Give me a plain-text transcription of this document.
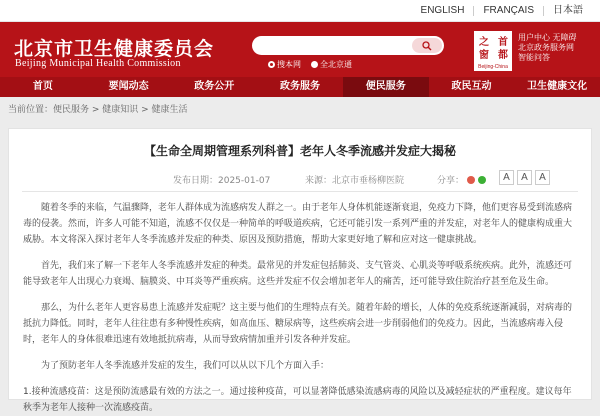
ENGLISH	FRANÇAIS	日本語
北京市卫生健康委员会
Beijing Municipal Health Commission	搜本网 全北京通
首
都
之
窗
Beijing-China
用户中心 无障碍
北京政务服务网
智能问答
首页	要闻动态	政务公开	政务服务	便民服务	政民互动	卫生健康文化
当前位置：便民服务 > 健康知识 > 健康生活
【生命全周期管理系列科普】老年人冬季流感并发症大揭秘
发布日期：2025-01-07	来源：北京市垂杨柳医院	分享：	A	A	A

随着冬季的来临，气温骤降，老年人群体成为流感病发人群之一。由于老年人身体机能逐渐衰退，免疫力下降，他们更容易受到流感病毒的侵袭。然而，许多人可能不知道，流感不仅仅是一种简单的呼吸道疾病，它还可能引发一系列严重的并发症，对老年人的健康构成重大威胁。本文将深入探讨老年人冬季流感并发症的种类、原因及预防措施，帮助大家更好地了解和应对这一健康挑战。

首先，我们来了解一下老年人冬季流感并发症的种类。最常见的并发症包括肺炎、支气管炎、心肌炎等呼吸系统疾病。此外，流感还可能导致老年人出现心力衰竭、脑膜炎、中耳炎等严重疾病。这些并发症不仅会增加老年人的痛苦，还可能导致住院治疗甚至危及生命。

那么，为什么老年人更容易患上流感并发症呢？这主要与他们的生理特点有关。随着年龄的增长，人体的免疫系统逐渐减弱，对病毒的抵抗力降低。同时，老年人往往患有多种慢性疾病，如高血压、糖尿病等，这些疾病会进一步削弱他们的免疫力。因此，当流感病毒入侵时，老年人的身体很难迅速有效地抵抗病毒，从而导致病情加重并引发各种并发症。

为了预防老年人冬季流感并发症的发生，我们可以从以下几个方面入手：

1.接种流感疫苗：这是预防流感最有效的方法之一。通过接种疫苗，可以显著降低感染流感病毒的风险以及减轻症状的严重程度。建议每年秋季为老年人接种一次流感疫苗。
